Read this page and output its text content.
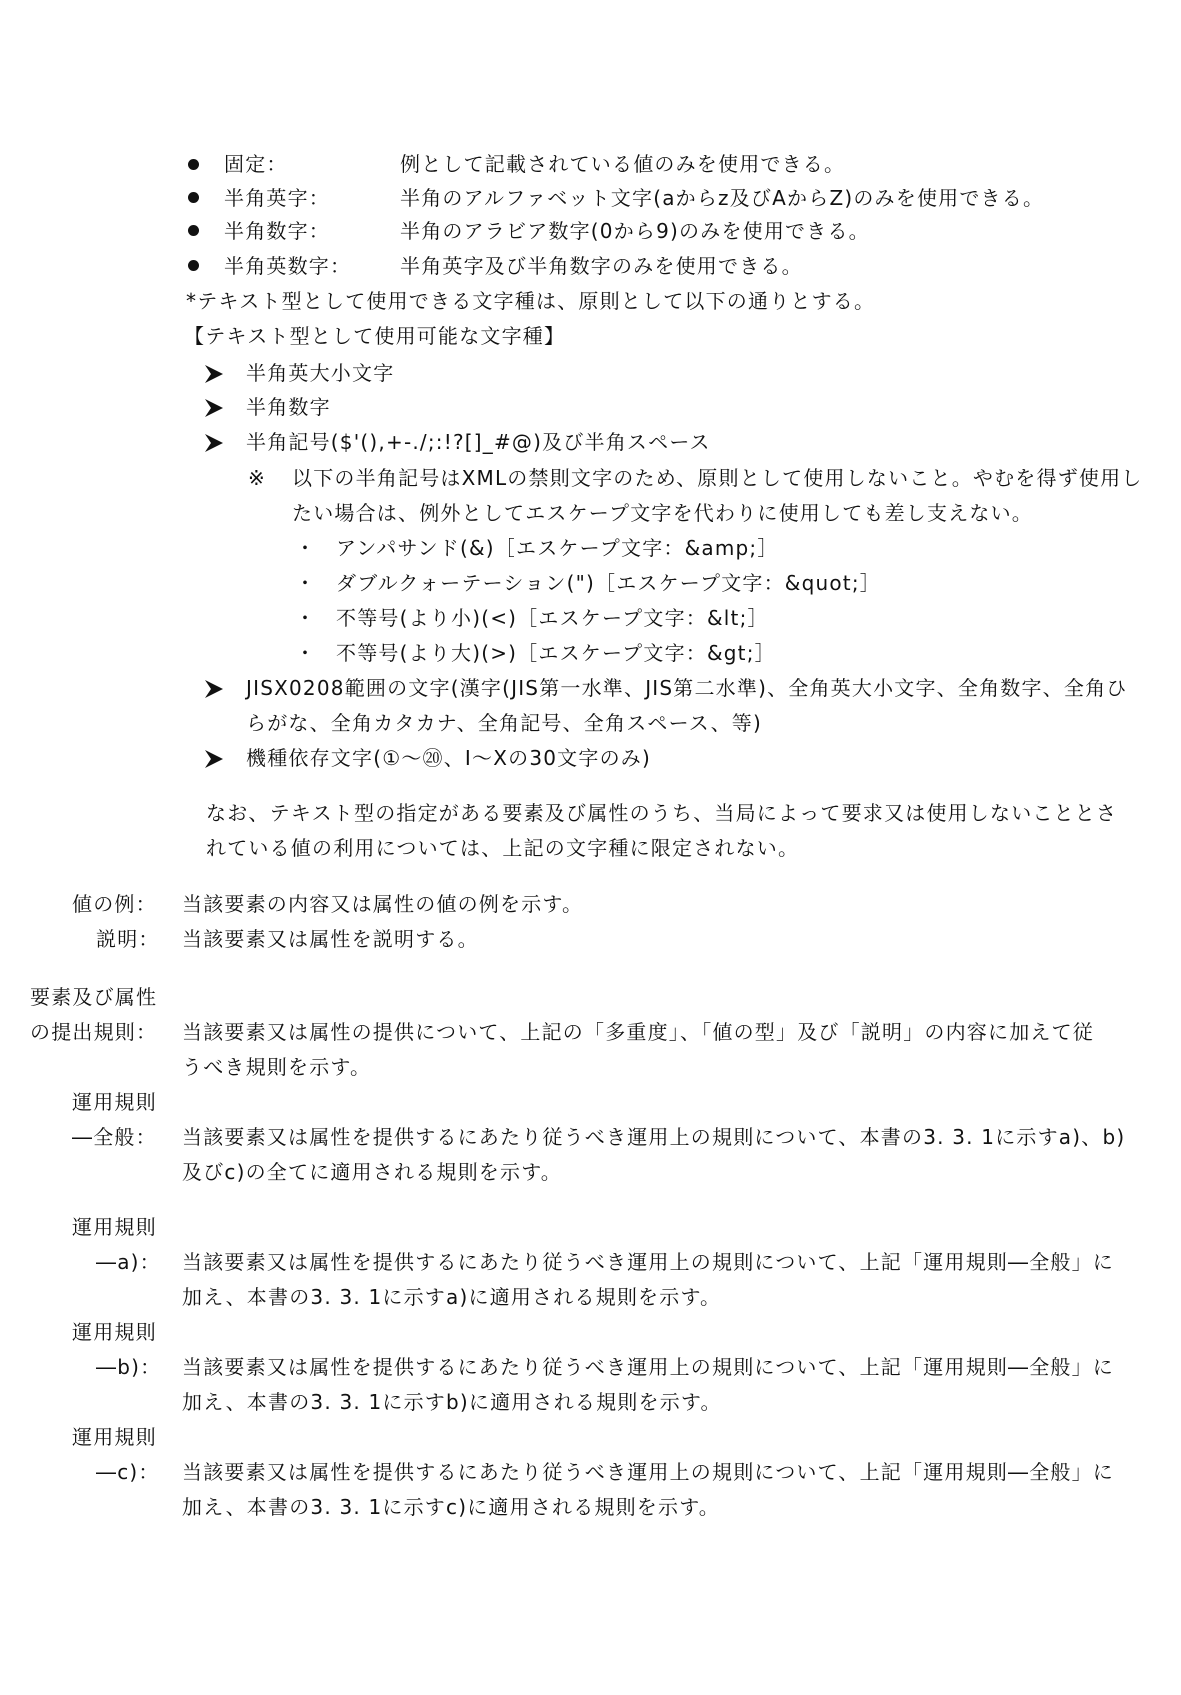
固定：	例として記載されている値のみを使用できる。
半角英字：	半角のアルファベット文字(aからz及びAからZ)のみを使用できる。
半角数字：	半角のアラビア数字(0から9)のみを使用できる。
半角英数字： 半角英字及び半角数字のみを使用できる。
*テキスト型として使用できる文字種は、原則として以下の通りとする。
【テキスト型として使用可能な文字種】
半角英大小文字
半角数字
半角記号($'(),+-./;:!?[]_#@)及び半角スペース
※ 以下の半角記号はXMLの禁則文字のため、原則として使用しないこと。やむを得ず使用し
たい場合は、例外としてエスケープ文字を代わりに使用しても差し支えない。
・ アンパサンド(&)［エスケープ文字：&amp;］
・ ダブルクォーテーション(")［エスケープ文字：&quot;］
・ 不等号(より小)(<)［エスケープ文字：&lt;］
・ 不等号(より大)(>)［エスケープ文字：&gt;］
JISX0208範囲の文字(漢字(JIS第一水準、JIS第二水準)、全角英大小文字、全角数字、全角ひ
らがな、全角カタカナ、全角記号、全角スペース、等)
機種依存文字(①～⑳、Ⅰ～Ⅹの30文字のみ)
なお、テキスト型の指定がある要素及び属性のうち、当局によって要求又は使用しないこととさ
れている値の利用については、上記の文字種に限定されない。
値の例： 当該要素の内容又は属性の値の例を示す。
説明： 当該要素又は属性を説明する。
要素及び属性
の提出規則： 当該要素又は属性の提供について、上記の「多重度」、「値の型」及び「説明」の内容に加えて従
うべき規則を示す。
運用規則
―全般： 当該要素又は属性を提供するにあたり従うべき運用上の規則について、本書の3. 3. 1に示すa)、b)
及びc)の全てに適用される規則を示す。
運用規則
―a)： 当該要素又は属性を提供するにあたり従うべき運用上の規則について、上記「運用規則―全般」に
加え、本書の3. 3. 1に示すa)に適用される規則を示す。
運用規則
―b)： 当該要素又は属性を提供するにあたり従うべき運用上の規則について、上記「運用規則―全般」に
加え、本書の3. 3. 1に示すb)に適用される規則を示す。
運用規則
―c)： 当該要素又は属性を提供するにあたり従うべき運用上の規則について、上記「運用規則―全般」に
加え、本書の3. 3. 1に示すc)に適用される規則を示す。
